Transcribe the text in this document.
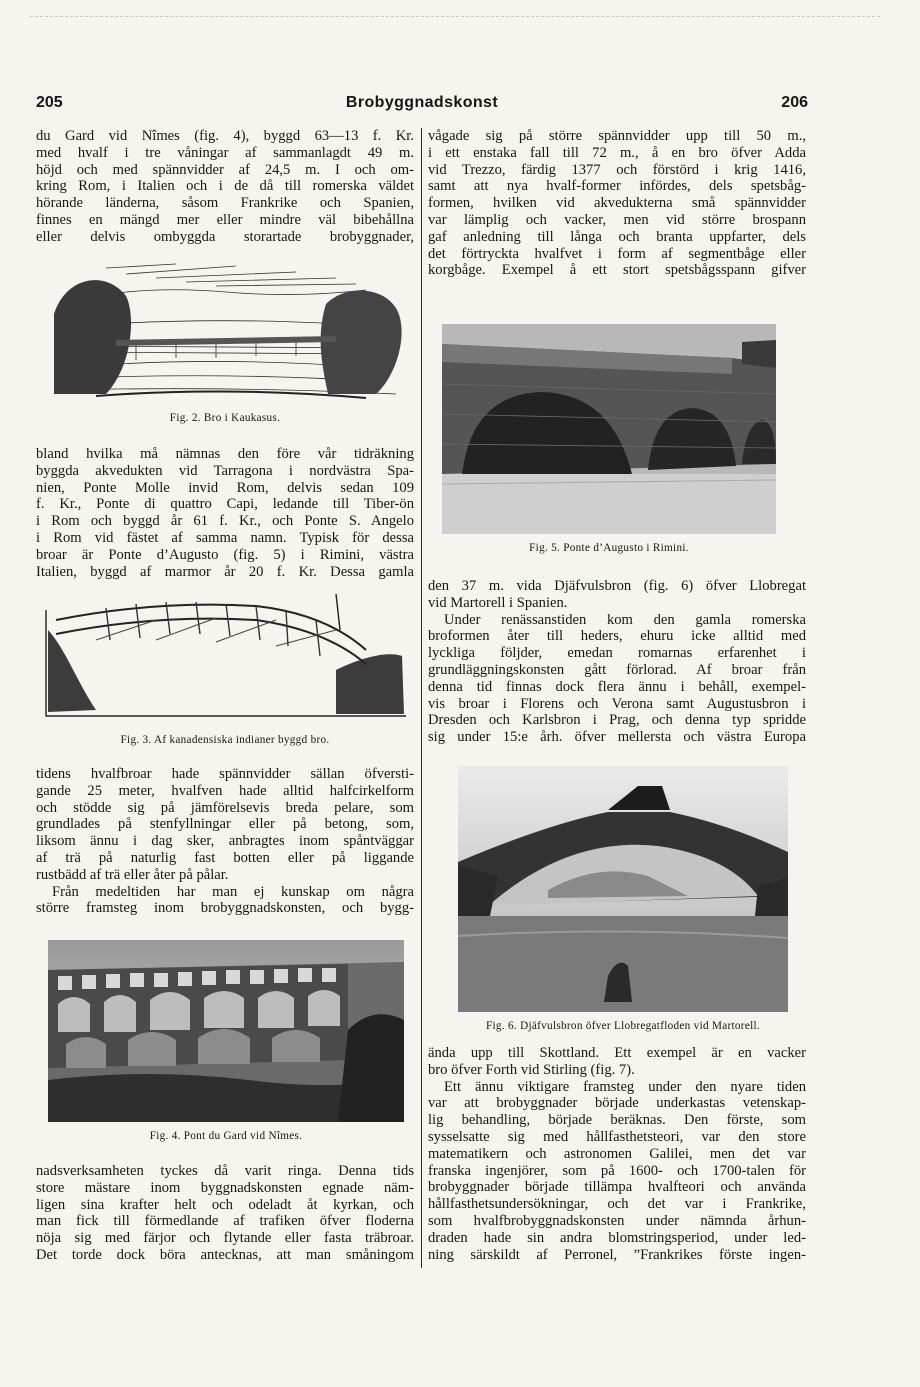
205	Brobyggnadskonst	206

du Gard vid Nîmes (fig. 4), byggd 63—13 f. Kr.

med hvalf i tre våningar af sammanlagdt 49 m.

höjd och med spännvidder af 24,5 m. I och om-

kring Rom, i Italien och i de då till romerska väldet

hörande länderna, såsom Frankrike och Spanien,

finnes en mängd mer eller mindre väl bibehållna

eller delvis ombyggda storartade brobyggnader,

Fig. 2. Bro i Kaukasus.

bland hvilka må nämnas den före vår tidräkning

byggda akvedukten vid Tarragona i nordvästra Spa-

nien, Ponte Molle invid Rom, delvis sedan 109

f. Kr., Ponte di quattro Capi, ledande till Tiber-ön

i Rom och byggd år 61 f. Kr., och Ponte S. Angelo

i Rom vid fästet af samma namn. Typisk för dessa

broar är Ponte d’Augusto (fig. 5) i Rimini, västra

Italien, byggd af marmor år 20 f. Kr. Dessa gamla

Fig. 3. Af kanadensiska indianer byggd bro.

tidens hvalfbroar hade spännvidder sällan öfversti-

gande 25 meter, hvalfven hade alltid halfcirkelform

och stödde sig på jämförelsevis breda pelare, som

grundlades på stenfyllningar eller på betong, som,

liksom ännu i dag sker, anbragtes inom spåntväggar

af trä på naturlig fast botten eller på liggande

rustbädd af trä eller åter på pålar.

Från medeltiden har man ej kunskap om några

större framsteg inom brobyggnadskonsten, och bygg-

Fig. 4. Pont du Gard vid Nîmes.

nadsverksamheten tyckes då varit ringa. Denna tids

store mästare inom byggnadskonsten egnade näm-

ligen sina krafter helt och odeladt åt kyrkan, och

man fick till förmedlande af trafiken öfver floderna

nöja sig med färjor och flytande eller fasta träbroar.

Det torde dock böra antecknas, att man småningom

vågade sig på större spännvidder upp till 50 m.,

i ett enstaka fall till 72 m., å en bro öfver Adda

vid Trezzo, färdig 1377 och förstörd i krig 1416,

samt att nya hvalf-former infördes, dels spetsbåg-

formen, hvilken vid akvedukterna små spännvidder

var lämplig och vacker, men vid större brospann

gaf anledning till långa och branta uppfarter, dels

det förtryckta hvalfvet i form af segmentbåge eller

korgbåge. Exempel å ett stort spetsbågsspann gifver

Fig. 5. Ponte d’Augusto i Rimini.

den 37 m. vida Djäfvulsbron (fig. 6) öfver Llobregat

vid Martorell i Spanien.

Under renässanstiden kom den gamla romerska

broformen åter till heders, ehuru icke alltid med

lyckliga följder, emedan romarnas erfarenhet i

grundläggningskonsten gått förlorad. Af broar från

denna tid finnas dock flera ännu i behåll, exempel-

vis broar i Florens och Verona samt Augustusbron i

Dresden och Karlsbron i Prag, och denna typ spridde

sig under 15:e årh. öfver mellersta och västra Europa

Fig. 6. Djäfvulsbron öfver Llobregatfloden vid Martorell.

ända upp till Skottland. Ett exempel är en vacker

bro öfver Forth vid Stirling (fig. 7).

Ett ännu viktigare framsteg under den nyare tiden

var att brobyggnader började underkastas vetenskap-

lig behandling, började beräknas. Den förste, som

sysselsatte sig med hållfasthetsteori, var den store

matematikern och astronomen Galilei, men det var

franska ingenjörer, som på 1600- och 1700-talen för

brobyggnader började tillämpa hvalfteori och använda

hållfasthetsundersökningar, och det var i Frankrike,

som hvalfbrobyggnadskonsten under nämnda århun-

draden hade sin andra blomstringsperiod, under led-

ning särskildt af Perronel, ”Frankrikes förste ingen-
